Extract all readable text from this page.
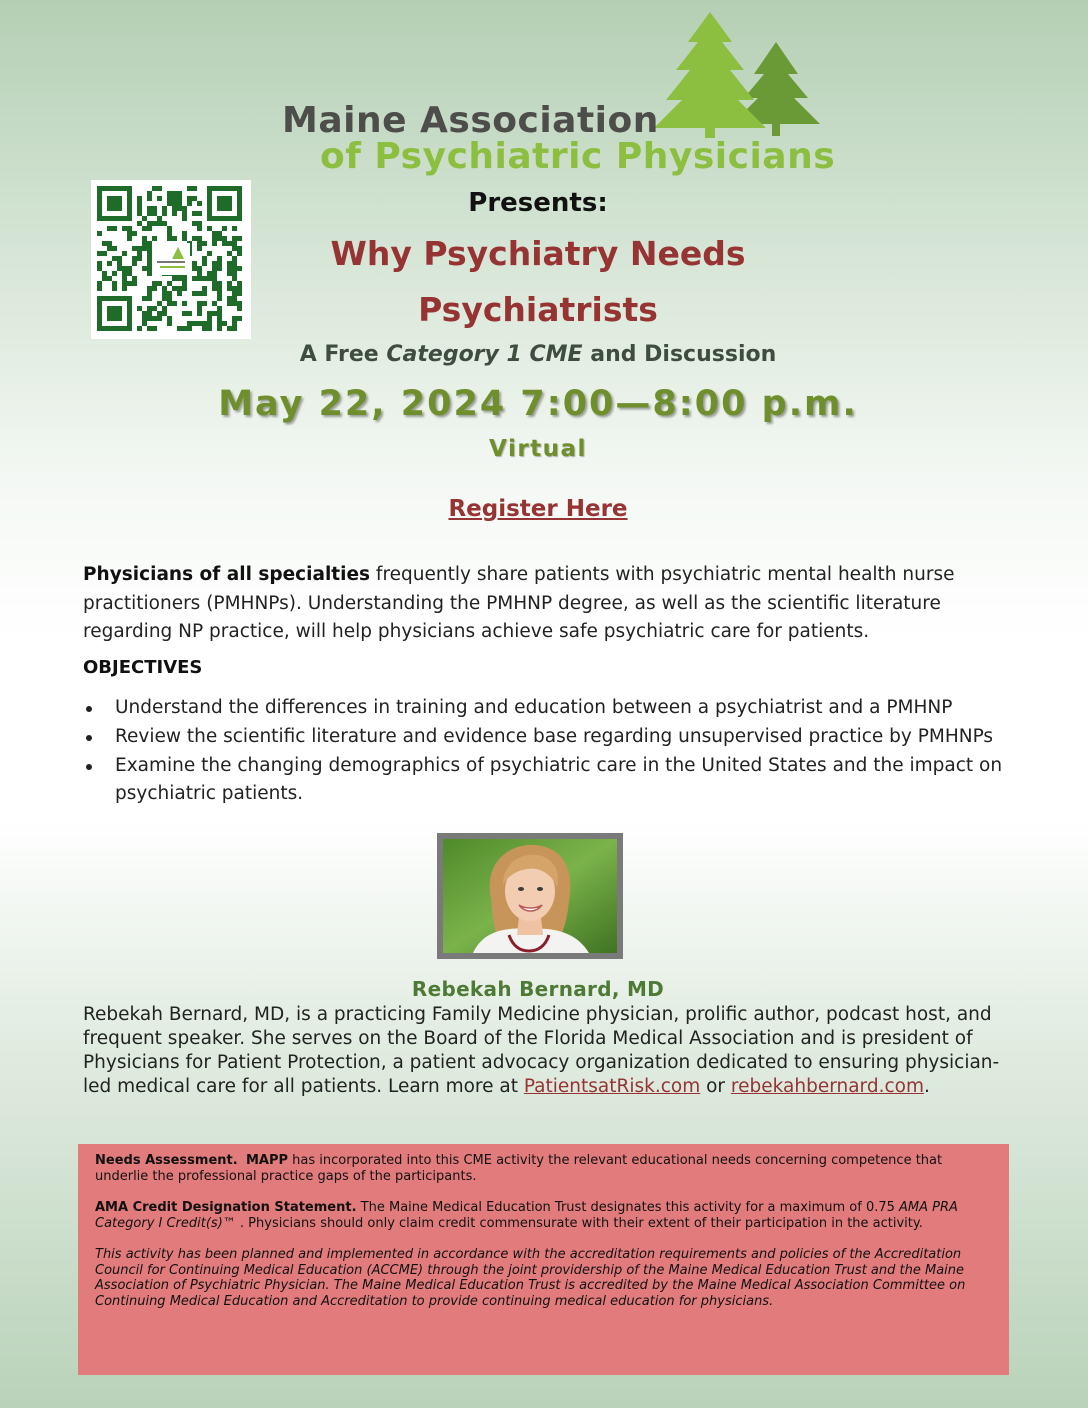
Maine Association
of Psychiatric Physicians
Presents:
Why Psychiatry Needs
Psychiatrists
A Free Category 1 CME and Discussion
May 22, 2024 7:00—8:00 p.m.
Virtual
Register Here
Physicians of all specialties frequently share patients with psychiatric mental health nurse practitioners (PMHNPs). Understanding the PMHNP degree, as well as the scientific literature regarding NP practice, will help physicians achieve safe psychiatric care for patients.
OBJECTIVES
Understand the differences in training and education between a psychiatrist and a PMHNP
Review the scientific literature and evidence base regarding unsupervised practice by PMHNPs
Examine the changing demographics of psychiatric care in the United States and the impact on psychiatric patients.
Rebekah Bernard, MD
Rebekah Bernard, MD, is a practicing Family Medicine physician, prolific author, podcast host, and frequent speaker. She serves on the Board of the Florida Medical Association and is president of Physicians for Patient Protection, a patient advocacy organization dedicated to ensuring physician-led medical care for all patients. Learn more at PatientsatRisk.com or rebekahbernard.com.

Needs Assessment. MAPP has incorporated into this CME activity the relevant educational needs concerning competence that underlie the professional practice gaps of the participants.

AMA Credit Designation Statement. The Maine Medical Education Trust designates this activity for a maximum of 0.75 AMA PRA Category I Credit(s)™ . Physicians should only claim credit commensurate with their extent of their participation in the activity.

This activity has been planned and implemented in accordance with the accreditation requirements and policies of the Accreditation Council for Continuing Medical Education (ACCME) through the joint providership of the Maine Medical Education Trust and the Maine Association of Psychiatric Physician. The Maine Medical Education Trust is accredited by the Maine Medical Association Committee on Continuing Medical Education and Accreditation to provide continuing medical education for physicians.
